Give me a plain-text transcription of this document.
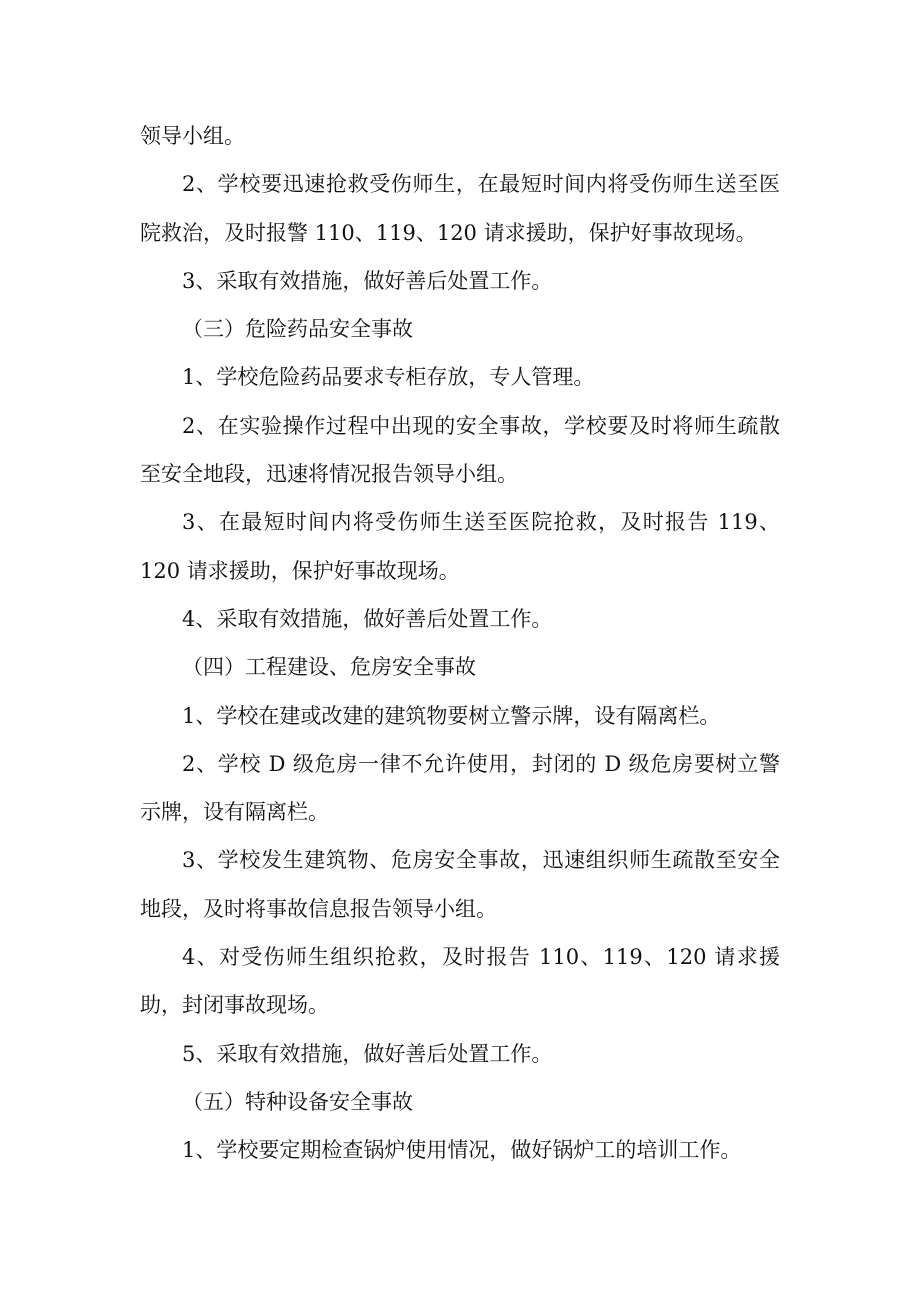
领导小组。

2、学校要迅速抢救受伤师生，在最短时间内将受伤师生送至医院救治，及时报警 110、119、120 请求援助，保护好事故现场。

3、采取有效措施，做好善后处置工作。

（三）危险药品安全事故

1、学校危险药品要求专柜存放，专人管理。

2、在实验操作过程中出现的安全事故，学校要及时将师生疏散至安全地段，迅速将情况报告领导小组。

3、在最短时间内将受伤师生送至医院抢救，及时报告 119、120 请求援助，保护好事故现场。

4、采取有效措施，做好善后处置工作。

（四）工程建设、危房安全事故

1、学校在建或改建的建筑物要树立警示牌，设有隔离栏。

2、学校 D 级危房一律不允许使用，封闭的 D 级危房要树立警示牌，设有隔离栏。

3、学校发生建筑物、危房安全事故，迅速组织师生疏散至安全地段，及时将事故信息报告领导小组。

4、对受伤师生组织抢救，及时报告 110、119、120 请求援助，封闭事故现场。

5、采取有效措施，做好善后处置工作。

（五）特种设备安全事故

1、学校要定期检查锅炉使用情况，做好锅炉工的培训工作。
